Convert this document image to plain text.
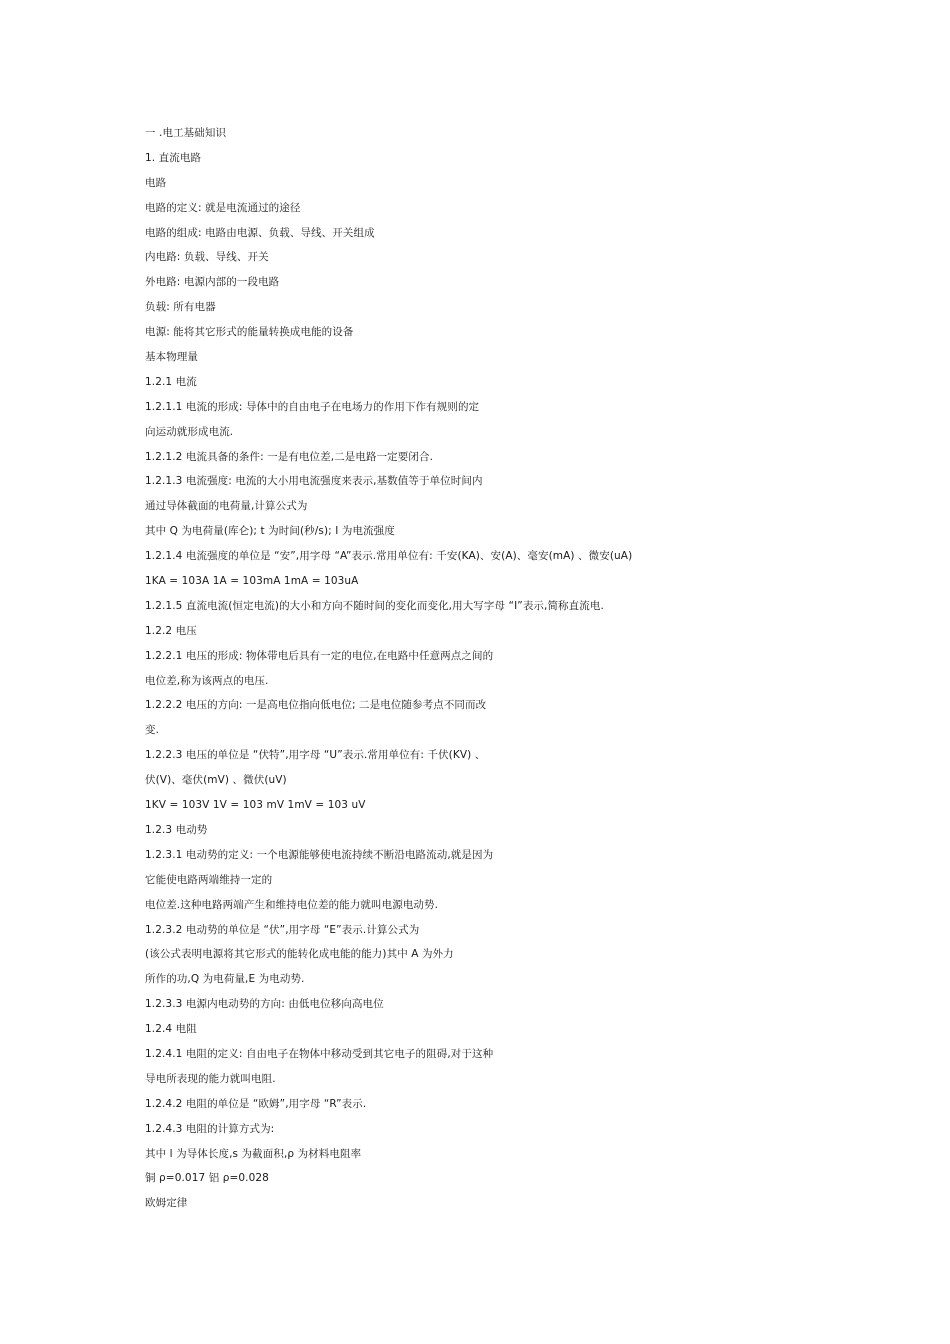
一 .电工基础知识
1. 直流电路
电路
电路的定义: 就是电流通过的途径
电路的组成: 电路由电源、负载、导线、开关组成
内电路: 负载、导线、开关
外电路: 电源内部的一段电路
负载: 所有电器
电源: 能将其它形式的能量转换成电能的设备
基本物理量
1.2.1 电流
1.2.1.1 电流的形成: 导体中的自由电子在电场力的作用下作有规则的定
向运动就形成电流.
1.2.1.2 电流具备的条件: 一是有电位差,二是电路一定要闭合.
1.2.1.3 电流强度: 电流的大小用电流强度来表示,基数值等于单位时间内
通过导体截面的电荷量,计算公式为
其中 Q 为电荷量(库仑); t 为时间(秒/s); I 为电流强度
1.2.1.4 电流强度的单位是 “安”,用字母 “A”表示.常用单位有: 千安(KA)、安(A)、毫安(mA) 、微安(uA)
1KA = 103A 1A = 103mA 1mA = 103uA
1.2.1.5 直流电流(恒定电流)的大小和方向不随时间的变化而变化,用大写字母 “I”表示,简称直流电.
1.2.2 电压
1.2.2.1 电压的形成: 物体带电后具有一定的电位,在电路中任意两点之间的
电位差,称为该两点的电压.
1.2.2.2 电压的方向: 一是高电位指向低电位; 二是电位随参考点不同而改
变.
1.2.2.3 电压的单位是 “伏特”,用字母 “U”表示.常用单位有: 千伏(KV) 、
伏(V)、毫伏(mV) 、微伏(uV)
1KV = 103V 1V = 103 mV 1mV = 103 uV
1.2.3 电动势
1.2.3.1 电动势的定义: 一个电源能够使电流持续不断沿电路流动,就是因为
它能使电路两端维持一定的
电位差.这种电路两端产生和维持电位差的能力就叫电源电动势.
1.2.3.2 电动势的单位是 “伏”,用字母 “E”表示.计算公式为
(该公式表明电源将其它形式的能转化成电能的能力)其中 A 为外力
所作的功,Q 为电荷量,E 为电动势.
1.2.3.3 电源内电动势的方向: 由低电位移向高电位
1.2.4 电阻
1.2.4.1 电阻的定义: 自由电子在物体中移动受到其它电子的阻碍,对于这种
导电所表现的能力就叫电阻.
1.2.4.2 电阻的单位是 “欧姆”,用字母 “R”表示.
1.2.4.3 电阻的计算方式为:
其中 l 为导体长度,s 为截面积,ρ 为材料电阻率
铜 ρ=0.017 铝 ρ=0.028
欧姆定律
